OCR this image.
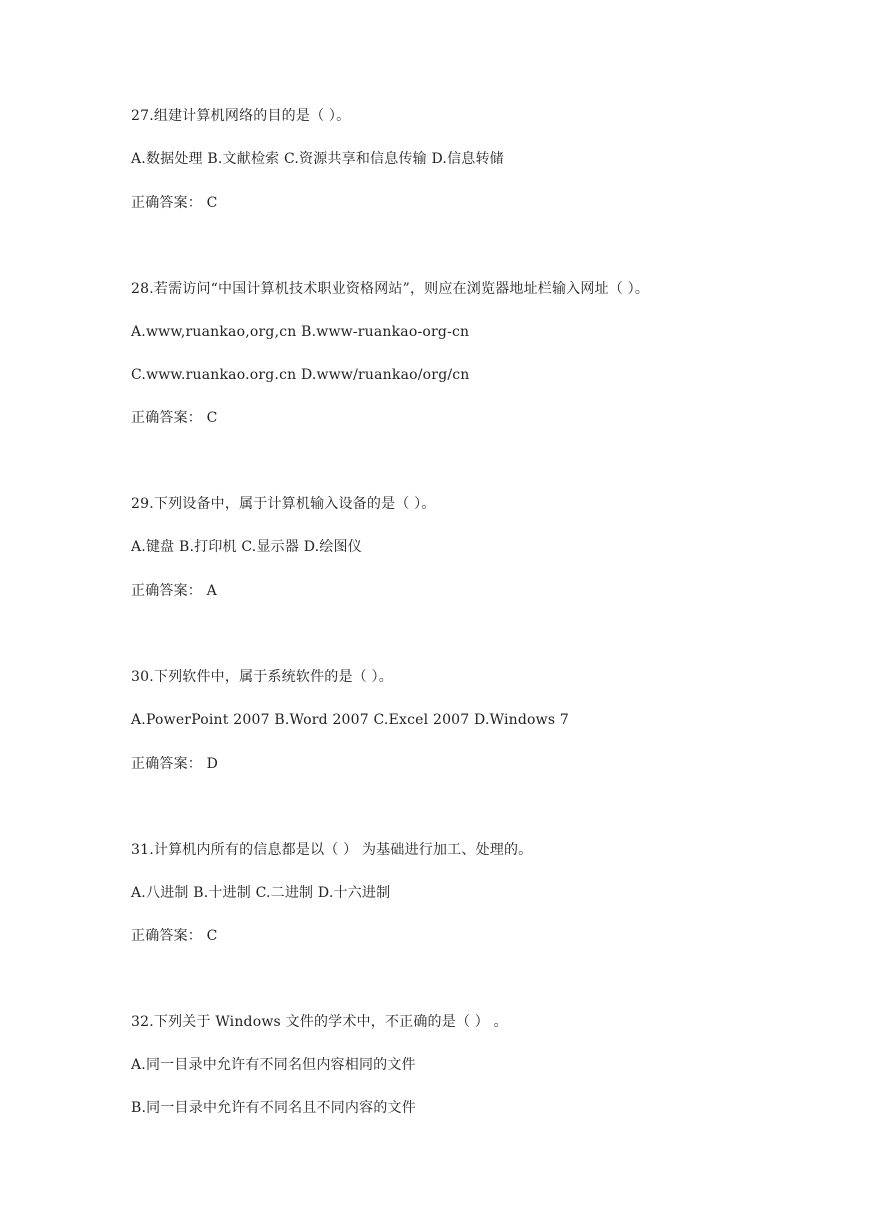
27.组建计算机网络的目的是（ ）。
A.数据处理 B.文献检索 C.资源共享和信息传输 D.信息转储
正确答案： C
28.若需访问“中国计算机技术职业资格网站”，则应在浏览器地址栏输入网址（ ）。
A.www,ruankao,org,cn B.www-ruankao-org-cn
C.www.ruankao.org.cn D.www/ruankao/org/cn
正确答案： C
29.下列设备中，属于计算机输入设备的是（ ）。
A.键盘 B.打印机 C.显示器 D.绘图仪
正确答案： A
30.下列软件中，属于系统软件的是（ ）。
A.PowerPoint 2007 B.Word 2007 C.Excel 2007 D.Windows 7
正确答案： D
31.计算机内所有的信息都是以（ ） 为基础进行加工、处理的。
A.八进制 B.十进制 C.二进制 D.十六进制
正确答案： C
32.下列关于 Windows 文件的学术中，不正确的是（ ） 。
A.同一目录中允许有不同名但内容相同的文件
B.同一目录中允许有不同名且不同内容的文件
